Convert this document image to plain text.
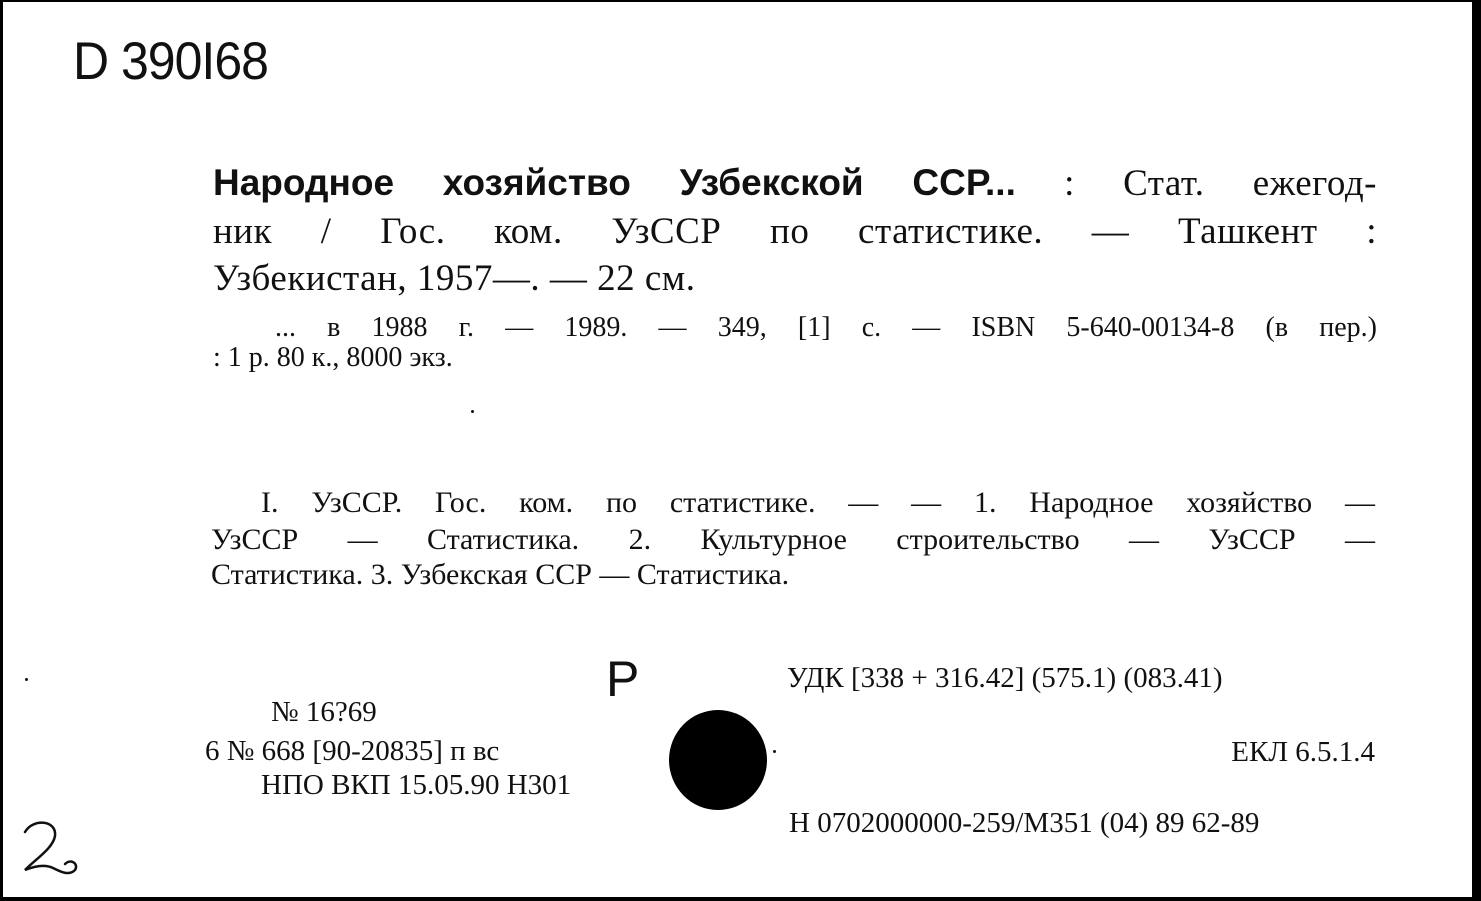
D 390I68
Народное хозяйство Узбекской ССР... : Стат. ежегод-
ник / Гос. ком. УзССР по статистике. — Ташкент :
Узбекистан, 1957—. — 22 см.
... в 1988 г. — 1989. — 349, [1] с. — ISBN 5-640-00134-8 (в пер.)
: 1 р. 80 к., 8000 экз.
I. УзССР. Гос. ком. по статистике. — — 1. Народное хозяйство —
УзССР — Статистика. 2. Культурное строительство — УзССР —
Статистика. 3. Узбекская ССР — Статистика.
Р	УДК [338 + 316.42] (575.1) (083.41)
ЕКЛ 6.5.1.4
Н 0702000000-259/М351 (04) 89 62-89
№ 16?69
6 № 668 [90-20835] п вс
НПО ВКП 15.05.90 Н301
